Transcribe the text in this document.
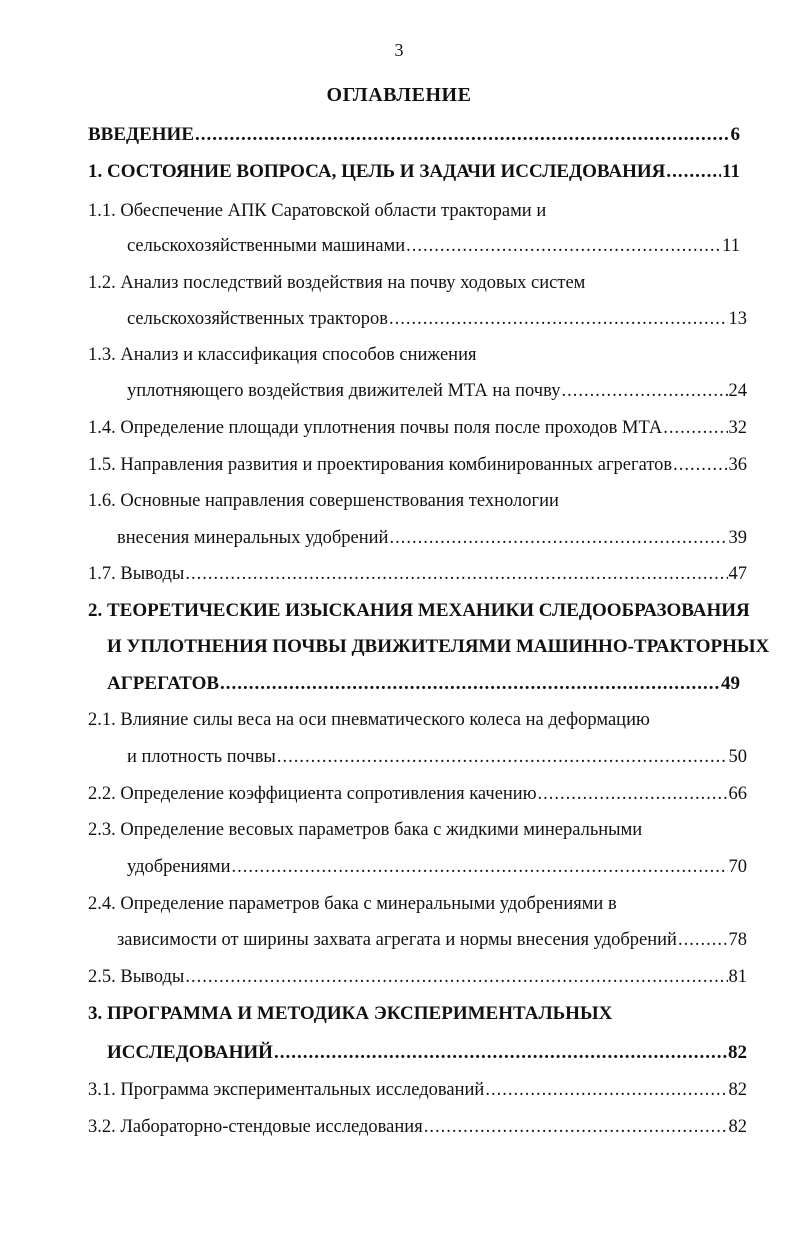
3
ОГЛАВЛЕНИЕ
ВВЕДЕНИЕ .....	6
1. СОСТОЯНИЕ ВОПРОСА, ЦЕЛЬ И ЗАДАЧИ ИССЛЕДОВАНИЯ .....	11
1.1. Обеспечение АПК Саратовской области тракторами и
сельскохозяйственными машинами .....	11
1.2. Анализ последствий воздействия на почву ходовых систем
сельскохозяйственных тракторов .....	13
1.3. Анализ и классификация способов снижения
уплотняющего воздействия движителей МТА на почву .....	24
1.4. Определение площади уплотнения почвы поля после проходов МТА .....	32
1.5. Направления развития и проектирования комбинированных агрегатов .....	36
1.6. Основные направления совершенствования технологии
внесения минеральных удобрений .....	39
1.7. Выводы .....	47
2. ТЕОРЕТИЧЕСКИЕ ИЗЫСКАНИЯ МЕХАНИКИ СЛЕДООБРАЗОВАНИЯ
И УПЛОТНЕНИЯ ПОЧВЫ ДВИЖИТЕЛЯМИ МАШИННО-ТРАКТОРНЫХ
АГРЕГАТОВ .....	49
2.1. Влияние силы веса на оси пневматического колеса на деформацию
и плотность почвы .....	50
2.2. Определение коэффициента сопротивления качению .....	66
2.3. Определение весовых параметров бака с жидкими минеральными
удобрениями .....	70
2.4. Определение параметров бака с минеральными удобрениями в
зависимости от ширины захвата агрегата и нормы внесения удобрений .....	78
2.5. Выводы .....	81
3. ПРОГРАММА И МЕТОДИКА ЭКСПЕРИМЕНТАЛЬНЫХ
ИССЛЕДОВАНИЙ .....	82
3.1. Программа экспериментальных исследований .....	82
3.2. Лабораторно-стендовые исследования .....	82
